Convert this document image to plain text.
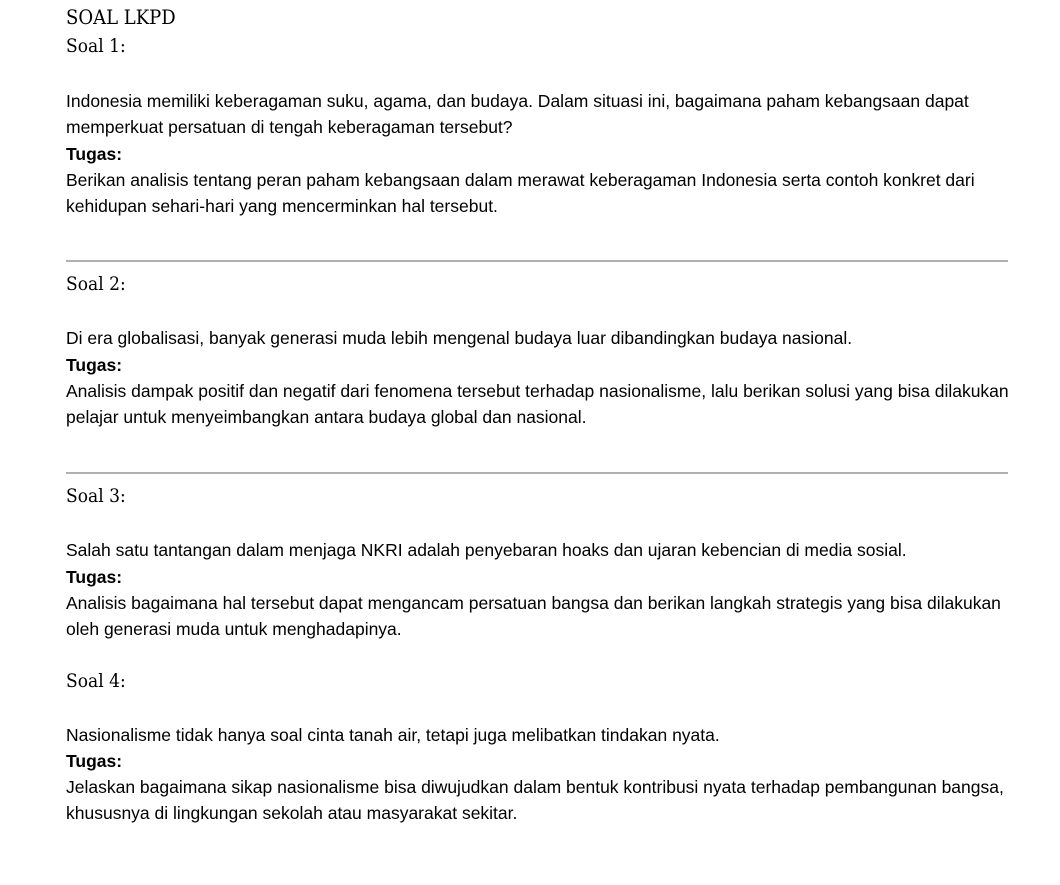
SOAL LKPD
Soal 1:

Indonesia memiliki keberagaman suku, agama, dan budaya. Dalam situasi ini, bagaimana paham kebangsaan dapat memperkuat persatuan di tengah keberagaman tersebut?

Tugas:

Berikan analisis tentang peran paham kebangsaan dalam merawat keberagaman Indonesia serta contoh konkret dari kehidupan sehari-hari yang mencerminkan hal tersebut.

Soal 2:

Di era globalisasi, banyak generasi muda lebih mengenal budaya luar dibandingkan budaya nasional.

Tugas:

Analisis dampak positif dan negatif dari fenomena tersebut terhadap nasionalisme, lalu berikan solusi yang bisa dilakukan pelajar untuk menyeimbangkan antara budaya global dan nasional.

Soal 3:

Salah satu tantangan dalam menjaga NKRI adalah penyebaran hoaks dan ujaran kebencian di media sosial.

Tugas:

Analisis bagaimana hal tersebut dapat mengancam persatuan bangsa dan berikan langkah strategis yang bisa dilakukan oleh generasi muda untuk menghadapinya.

Soal 4:

Nasionalisme tidak hanya soal cinta tanah air, tetapi juga melibatkan tindakan nyata.

Tugas:

Jelaskan bagaimana sikap nasionalisme bisa diwujudkan dalam bentuk kontribusi nyata terhadap pembangunan bangsa, khususnya di lingkungan sekolah atau masyarakat sekitar.
